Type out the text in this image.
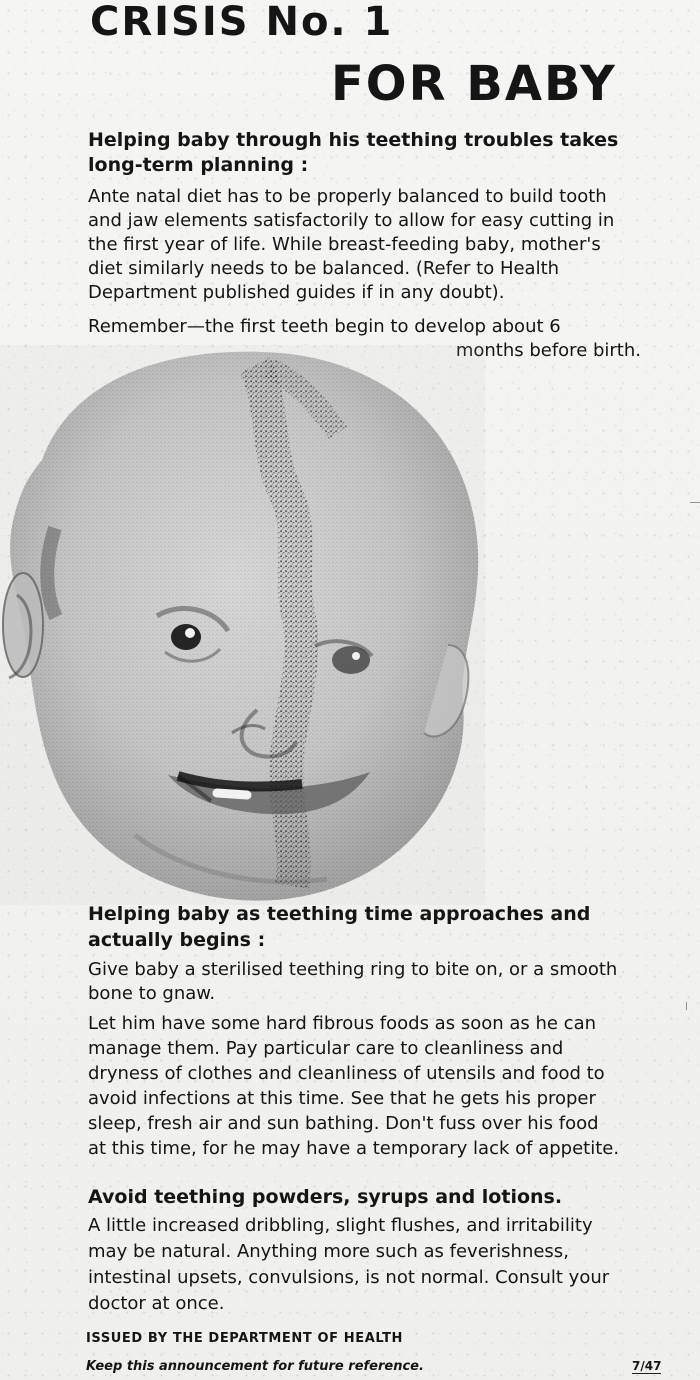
CRISIS No. 1
FOR BABY
Helping baby through his teething troubles takes
long-term planning :
Ante natal diet has to be properly balanced to build tooth
and jaw elements satisfactorily to allow for easy cutting in
the first year of life. While breast-feeding baby, mother's
diet similarly needs to be balanced. (Refer to Health
Department published guides if in any doubt).
Remember—the first teeth begin to develop about 6
months before birth.
Helping baby as teething time approaches and
actually begins :
Give baby a sterilised teething ring to bite on, or a smooth
bone to gnaw.
Let him have some hard fibrous foods as soon as he can
manage them. Pay particular care to cleanliness and
dryness of clothes and cleanliness of utensils and food to
avoid infections at this time. See that he gets his proper
sleep, fresh air and sun bathing. Don't fuss over his food
at this time, for he may have a temporary lack of appetite.
Avoid teething powders, syrups and lotions.
A little increased dribbling, slight flushes, and irritability
may be natural. Anything more such as feverishness,
intestinal upsets, convulsions, is not normal. Consult your
doctor at once.
ISSUED BY THE DEPARTMENT OF HEALTH
Keep this announcement for future reference.	7/47
